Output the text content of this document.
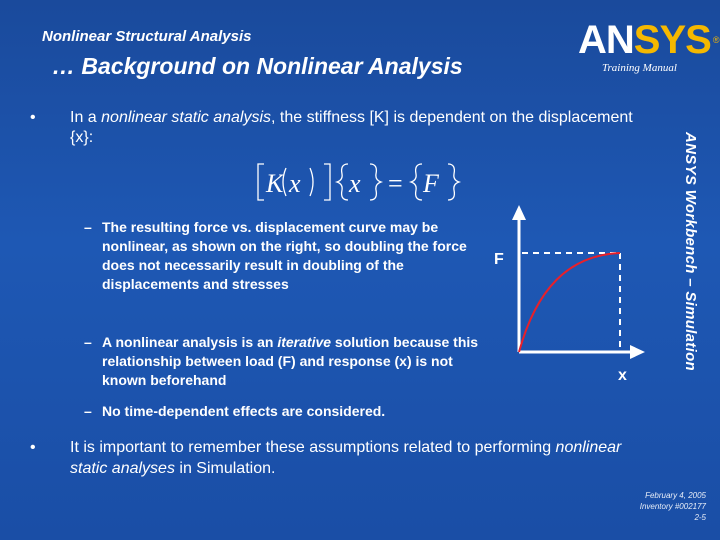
Nonlinear Structural Analysis
… Background on Nonlinear Analysis
AN SYS ®
Training Manual
ANSYS Workbench – Simulation
•	In a nonlinear static analysis, the stiffness [K] is dependent on the displacement {x}:
K x x = F
– The resulting force vs. displacement curve may be nonlinear, as shown on the right, so doubling the force does not necessarily result in doubling of the displacements and stresses
– A nonlinear analysis is an iterative solution because this relationship between load (F) and response (x) is not known beforehand
– No time-dependent effects are considered.
F
x
•	It is important to remember these assumptions related to performing nonlinear static analyses in Simulation.
February 4, 2005
Inventory #002177
2-5
